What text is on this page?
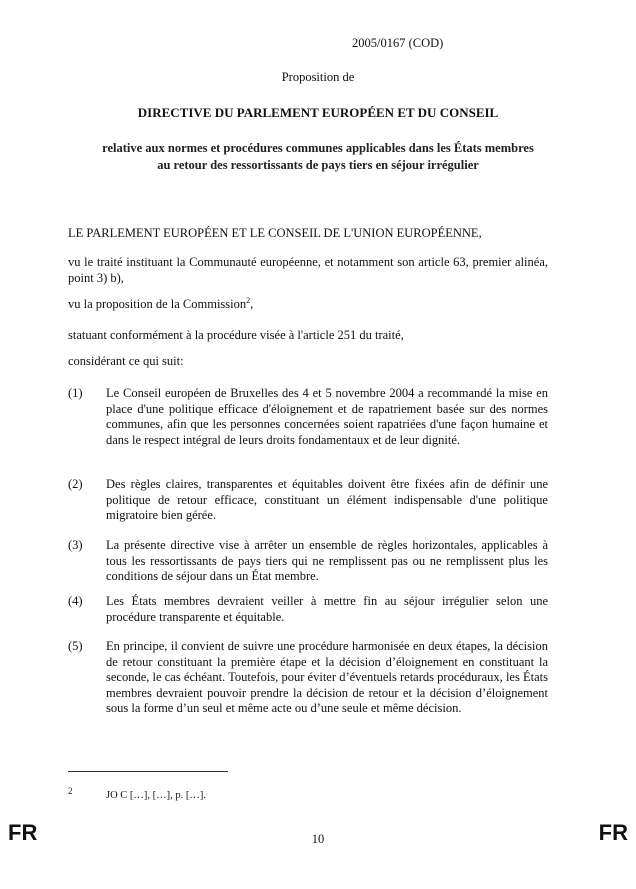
2005/0167 (COD)
Proposition de
DIRECTIVE DU PARLEMENT EUROPÉEN ET DU CONSEIL
relative aux normes et procédures communes applicables dans les États membres
au retour des ressortissants de pays tiers en séjour irrégulier
LE PARLEMENT EUROPÉEN ET LE CONSEIL DE L'UNION EUROPÉENNE,
vu le traité instituant la Communauté européenne, et notamment son article 63, premier alinéa, point 3) b),
vu la proposition de la Commission$^2$,
statuant conformément à la procédure visée à l'article 251 du traité,
considérant ce qui suit:
(1) Le Conseil européen de Bruxelles des 4 et 5 novembre 2004 a recommandé la mise en place d'une politique efficace d'éloignement et de rapatriement basée sur des normes communes, afin que les personnes concernées soient rapatriées d'une façon humaine et dans le respect intégral de leurs droits fondamentaux et de leur dignité.
(2) Des règles claires, transparentes et équitables doivent être fixées afin de définir une politique de retour efficace, constituant un élément indispensable d'une politique migratoire bien gérée.
(3) La présente directive vise à arrêter un ensemble de règles horizontales, applicables à tous les ressortissants de pays tiers qui ne remplissent pas ou ne remplissent plus les conditions de séjour dans un État membre.
(4) Les États membres devraient veiller à mettre fin au séjour irrégulier selon une procédure transparente et équitable.
(5) En principe, il convient de suivre une procédure harmonisée en deux étapes, la décision de retour constituant la première étape et la décision d’éloignement en constituant la seconde, le cas échéant. Toutefois, pour éviter d’éventuels retards procéduraux, les États membres devraient pouvoir prendre la décision de retour et la décision d’éloignement sous la forme d’un seul et même acte ou d’une seule et même décision.
2	JO C […], […], p. […].
FR	10	FR
